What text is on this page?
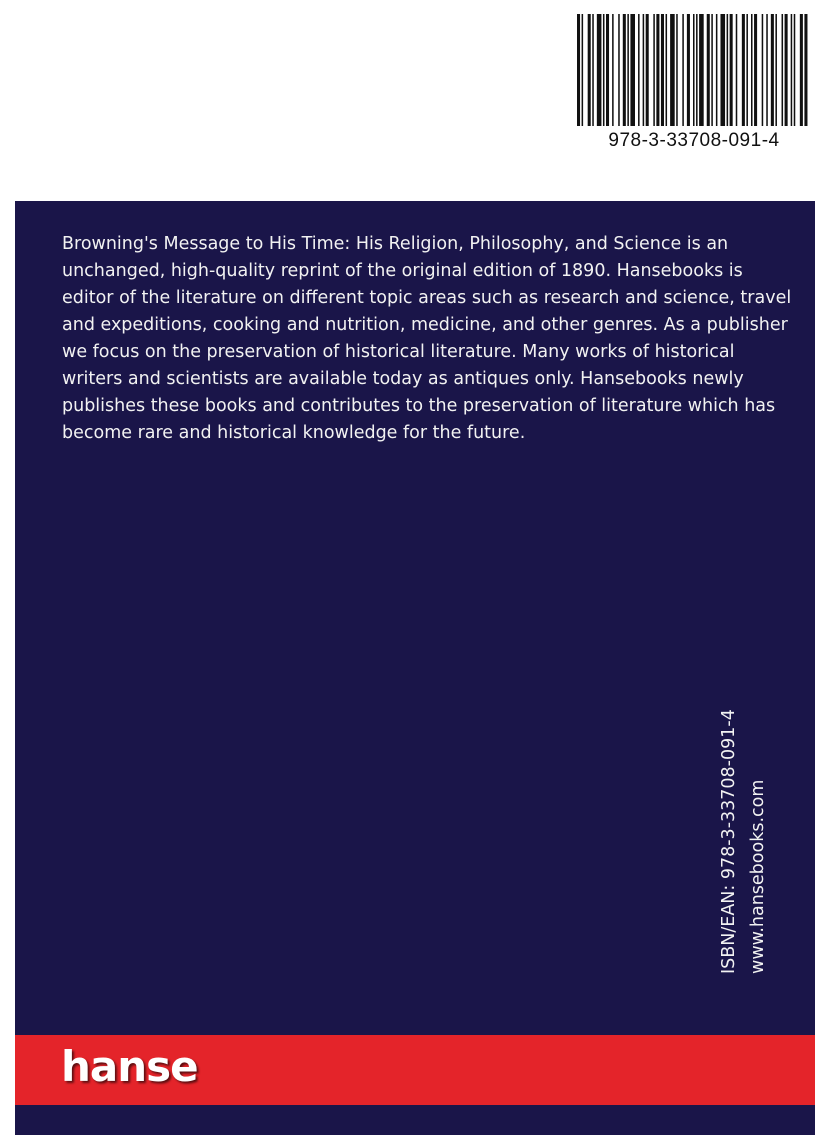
978-3-33708-091-4

Browning's Message to His Time: His Religion, Philosophy, and Science is an unchanged, high-quality reprint of the original edition of 1890. Hansebooks is editor of the literature on different topic areas such as research and science, travel and expeditions, cooking and nutrition, medicine, and other genres. As a publisher we focus on the preservation of historical literature. Many works of historical writers and scientists are available today as antiques only. Hansebooks newly publishes these books and contributes to the preservation of literature which has become rare and historical knowledge for the future.

ISBN/EAN: 978-3-33708-091-4 www.hansebooks.com
hanse
